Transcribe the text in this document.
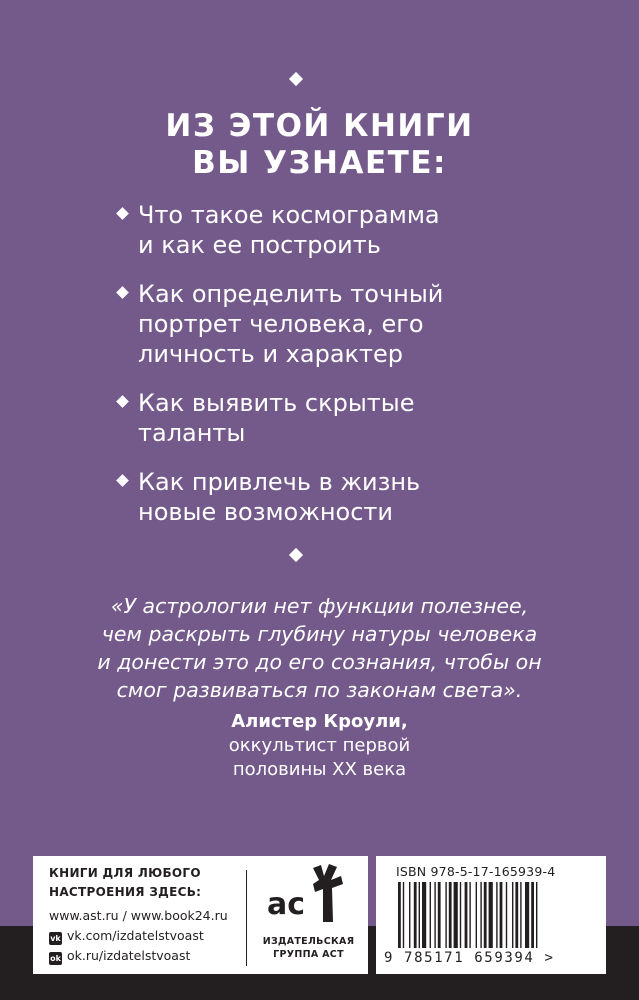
ИЗ ЭТОЙ КНИГИ
ВЫ УЗНАЕТЕ:
Что такое космограмма
и как ее построить
Как определить точный
портрет человека, его
личность и характер
Как выявить скрытые
таланты
Как привлечь в жизнь
новые возможности
«У астрологии нет функции полезнее,
чем раскрыть глубину натуры человека
и донести это до его сознания, чтобы он
смог развиваться по законам света».
Алистер Кроули,
оккультист первой
половины XX века
КНИГИ ДЛЯ ЛЮБОГО
НАСТРОЕНИЯ ЗДЕСЬ:
www.ast.ru / www.book24.ru
vk vk.com/izdatelstvoast
ok ok.ru/izdatelstvoast
ac
ИЗДАТЕЛЬСКАЯ
ГРУППА АСТ
ISBN 978-5-17-165939-4
9 785171 659394 >
